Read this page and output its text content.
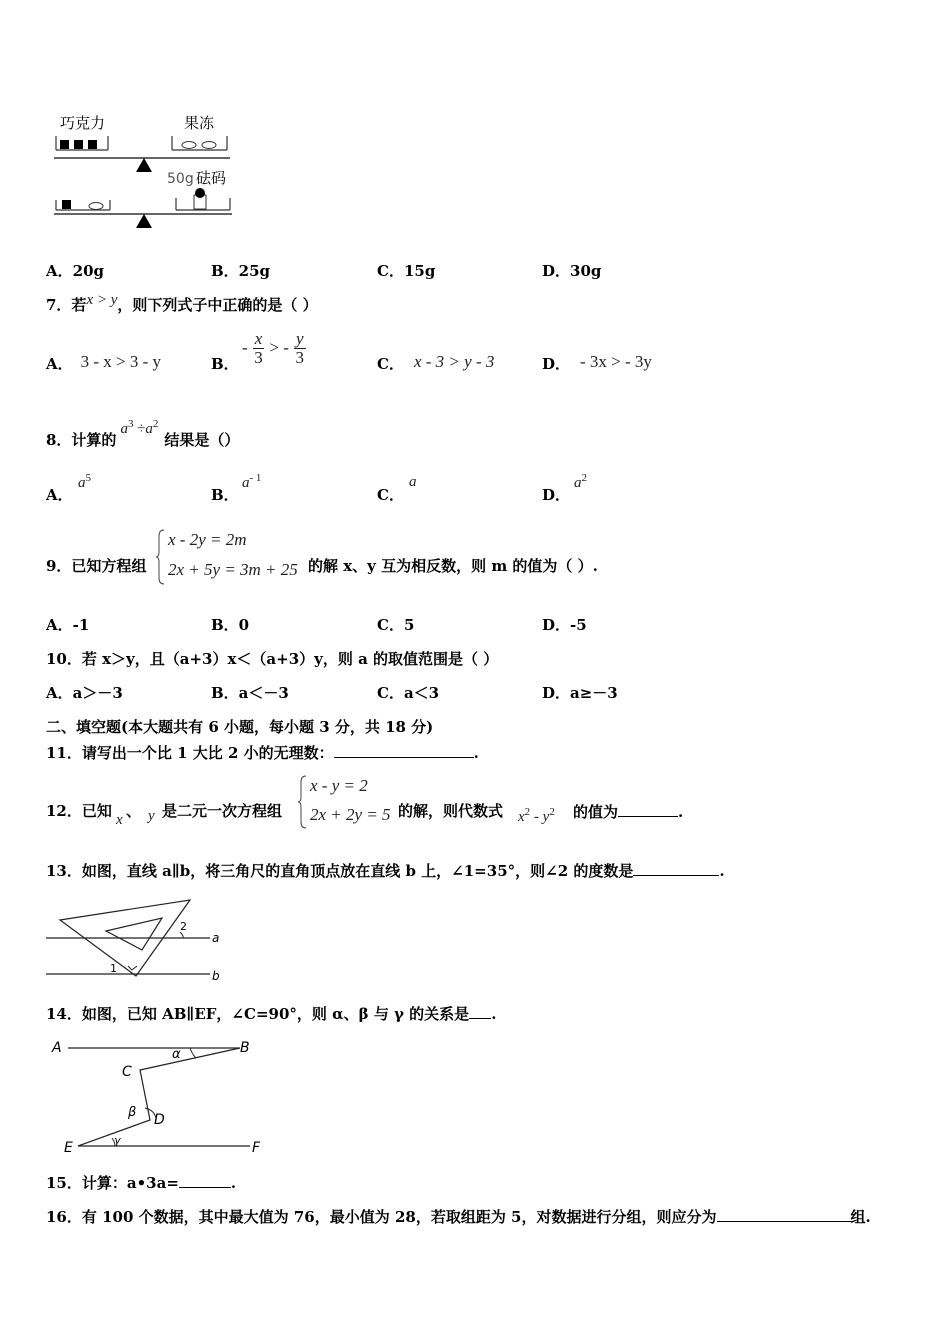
巧克力	果冻
50g 砝码
A．20g	B．25g	C．15g	D．30g
7．若x > y，则下列式子中正确的是（ ）
A． 3 - x > 3 - y	B．
- $\frac{x}{3}$ > - $\frac{y}{3}$	C． x - 3 > y - 3	D． - 3x > - 3y
8．计算的$a^3 \div a^2$结果是（）
A．
$a^5$
B．
$a^{- 1}$
C．
a
D．
$a^2$
9．已知方程组
x - 2y = 2m
2x + 5y = 3m + 25 的解 x、y 互为相反数，则 m 的值为（ ）.
A．-1	B．0	C．5	D．-5
10．若 x＞y，且（a+3）x＜（a+3）y，则 a 的取值范围是（ ）
A．a＞－3	B．a＜－3	C．a＜3	D．a≥－3
二、填空题(本大题共有 6 小题，每小题 3 分，共 18 分)
11．请写出一个比 1 大比 2 小的无理数：	.
12．已知 x 、 y 是二元一次方程组
x - y = 2
2x + 2y = 5 的解，则代数式 $x^2 - y^2$ 的值为	.
13．如图，直线 a∥b，将三角尺的直角顶点放在直线 b 上，∠1=35°，则∠2 的度数是	.
a
b
1
2
14．如图，已知 AB∥EF，∠C=90°，则 α、β 与 γ 的关系是 .
A	B
C
D
E	F
α
β
γ
15．计算：a•3a=	.
16．有 100 个数据，其中最大值为 76，最小值为 28，若取组距为 5，对数据进行分组，则应分为	组.
